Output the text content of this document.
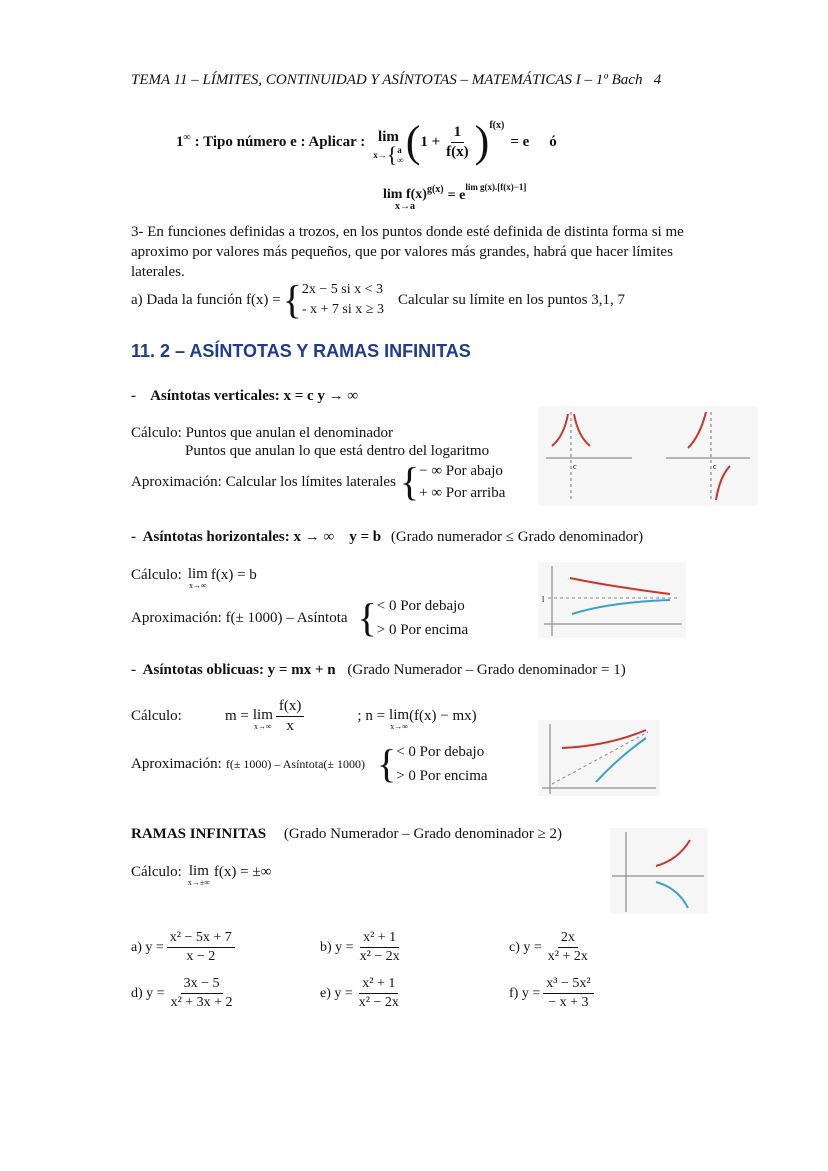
TEMA 11 – LÍMITES, CONTINUIDAD Y ASÍNTOTAS – MATEMÁTICAS I – 1º Bach 4
1∞ : Tipo número e : Aplicar : lim
x→ { a
∞ ( $1 + \frac{1}{f(x)}$ ) f(x)
= e ó
lim f(x)
x→a
g(x) = e
lim g(x).[f(x)−1]
3- En funciones definidas a trozos, en los puntos donde esté definida de distinta forma si me aproximo por valores más pequeños, que por valores más grandes, habrá que hacer límites laterales.
a) Dada la función f(x) = { 2x − 5 si x < 3
- x + 7 si x ≥ 3
Calcular su límite en los puntos 3,1, 7
11. 2 – ASÍNTOTAS Y RAMAS INFINITAS
-    Asíntotas verticales: x = c y → ∞
Cálculo: Puntos que anulan el denominador
Puntos que anulan lo que está dentro del logaritmo
Aproximación: Calcular los límites laterales { − ∞ Por abajo
+ ∞ Por arriba
c	c
-  Asíntotas horizontales: x → ∞    y = b (Grado numerador ≤ Grado denominador)
Cálculo: lim
x→∞
f(x) = b
Aproximación: f(± 1000) – Asíntota { < 0 Por debajo
> 0 Por encima
l
-  Asíntotas oblicuas: y = mx + n (Grado Numerador – Grado denominador = 1)
Cálculo:	m = lim
$x\to\infty \frac{f(x)}{x}$	; n = lim
x→∞
(f(x) − mx)
Aproximación: f(± 1000) – Asíntota(± 1000) { < 0 Por debajo
> 0 Por encima
RAMAS INFINITAS (Grado Numerador – Grado denominador ≥ 2)
Cálculo: lim
x→±∞
f(x) = ±∞
a) $y = \frac{\text{x² − 5x + 7}}{x - 2}$	b) $y = \frac{\text{x² + 1}}{\text{x² − 2x}}$	c) $y = \frac{2x}{\text{x² + 2x}}$
d) $y = \frac{3x - 5}{\text{x² + 3x + 2}}$	e) $y = \frac{\text{x² + 1}}{\text{x² − 2x}}$	f) $y = \frac{\text{x³ − 5x²}}{- x + 3}$
